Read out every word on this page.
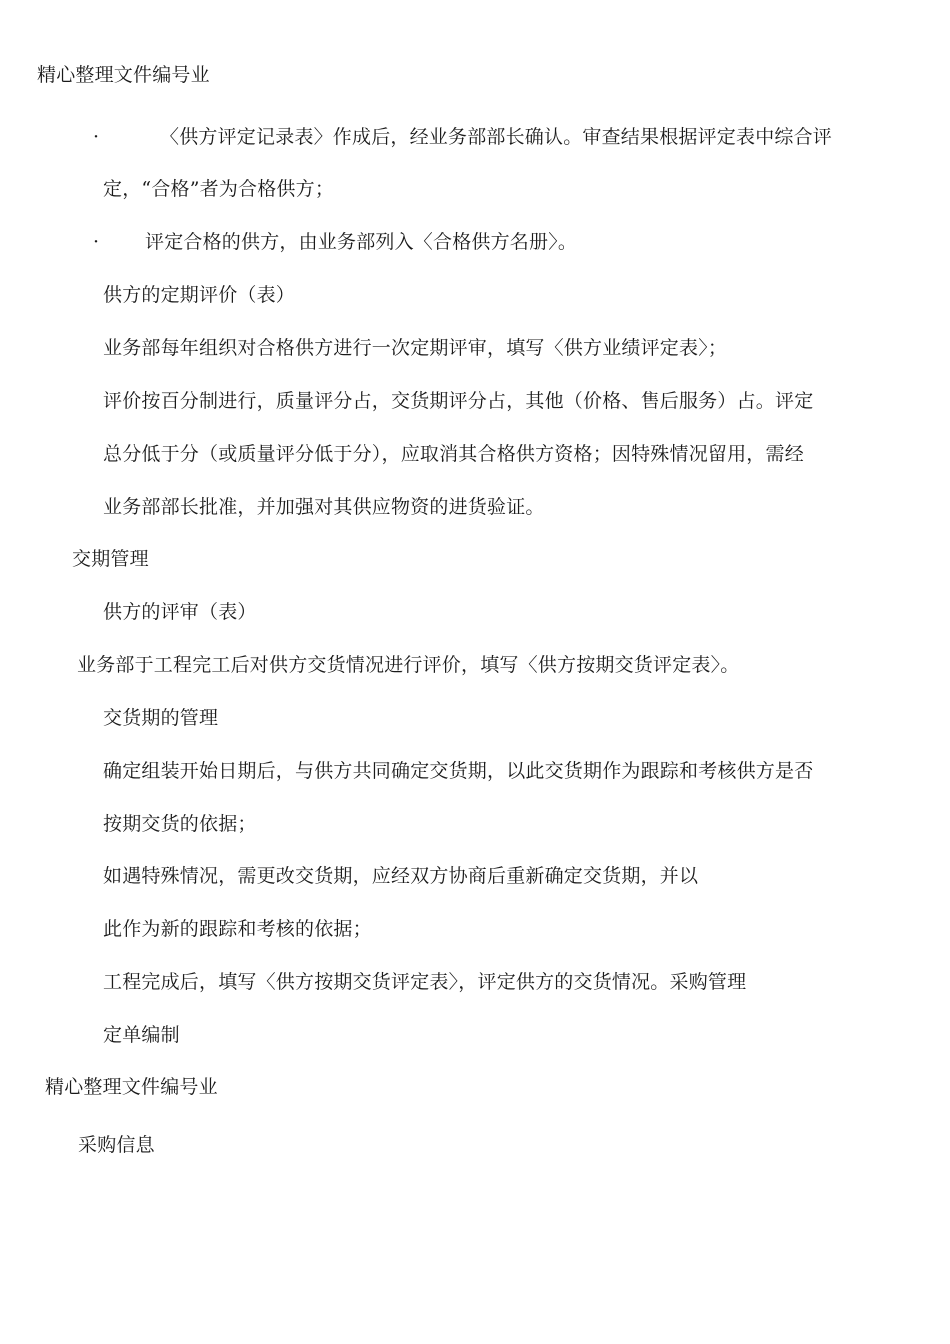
精心整理文件编号业
·	〈供方评定记录表〉作成后，经业务部部长确认。审查结果根据评定表中综合评
定，“合格”者为合格供方；
· 评定合格的供方，由业务部列入〈合格供方名册〉。
供方的定期评价（表）
业务部每年组织对合格供方进行一次定期评审，填写〈供方业绩评定表〉；
评价按百分制进行，质量评分占，交货期评分占，其他（价格、售后服务）占。评定
总分低于分（或质量评分低于分），应取消其合格供方资格；因特殊情况留用，需经
业务部部长批准，并加强对其供应物资的进货验证。
交期管理
供方的评审（表）
业务部于工程完工后对供方交货情况进行评价，填写〈供方按期交货评定表〉。
交货期的管理
确定组装开始日期后，与供方共同确定交货期，以此交货期作为跟踪和考核供方是否
按期交货的依据；
如遇特殊情况，需更改交货期，应经双方协商后重新确定交货期，并以
此作为新的跟踪和考核的依据；
工程完成后，填写〈供方按期交货评定表〉，评定供方的交货情况。采购管理
定单编制
精心整理文件编号业
采购信息
